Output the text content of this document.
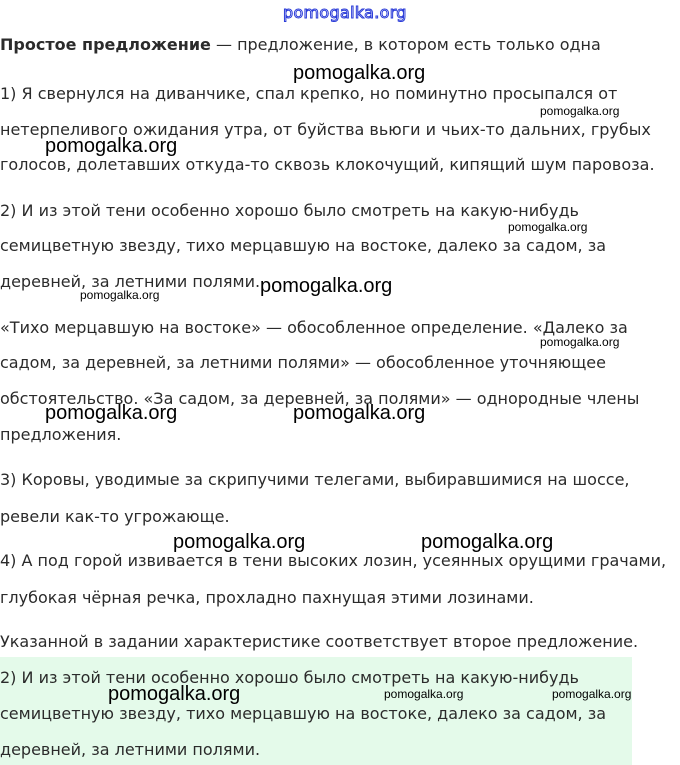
pomogalka.org
Простое предложение — предложение, в котором есть только одна
1) Я свернулся на диванчике, спал крепко, но поминутно просыпался от
нетерпеливого ожидания утра, от буйства вьюги и чьих-то дальних, грубых
голосов, долетавших откуда-то сквозь клокочущий, кипящий шум паровоза.
2) И из этой тени особенно хорошо было смотреть на какую-нибудь
семицветную звезду, тихо мерцавшую на востоке, далеко за садом, за
деревней, за летними полями.
«Тихо мерцавшую на востоке» — обособленное определение. «Далеко за
садом, за деревней, за летними полями» — обособленное уточняющее
обстоятельство. «За садом, за деревней, за полями» — однородные члены
предложения.
3) Коровы, уводимые за скрипучими телегами, выбиравшимися на шоссе,
ревели как-то угрожающе.
4) А под горой извивается в тени высоких лозин, усеянных орущими грачами,
глубокая чёрная речка, прохладно пахнущая этими лозинами.
Указанной в задании характеристике соответствует второе предложение.
2) И из этой тени особенно хорошо было смотреть на какую-нибудь
семицветную звезду, тихо мерцавшую на востоке, далеко за садом, за
деревней, за летними полями.
pomogalka.org
pomogalka.org
pomogalka.org
pomogalka.org
pomogalka.org
pomogalka.org
pomogalka.org
pomogalka.org	pomogalka.org
pomogalka.org	pomogalka.org
pomogalka.org	pomogalka.org	pomogalka.org
